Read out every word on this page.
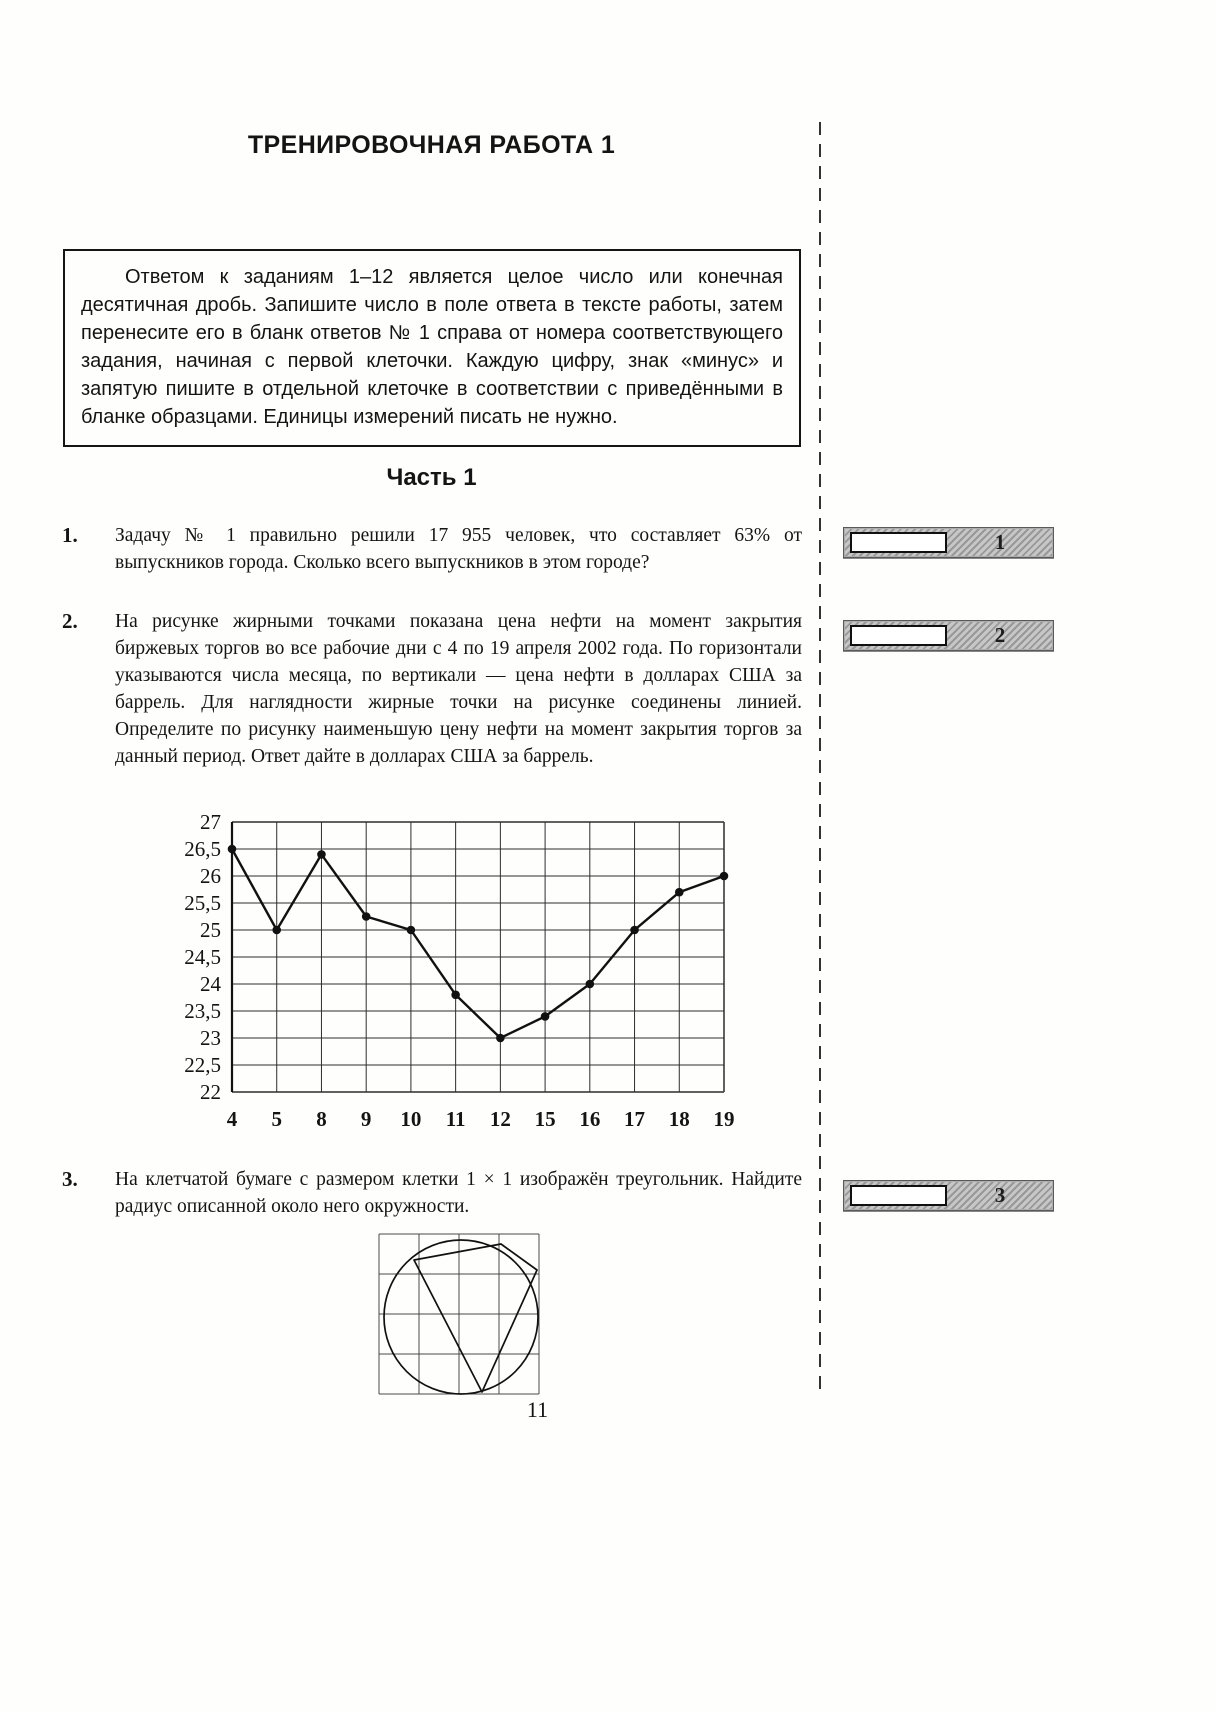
ТРЕНИРОВОЧНАЯ РАБОТА 1

Ответом к заданиям 1–12 является целое число или конечная десятичная дробь. Запишите число в поле ответа в тексте работы, затем перенесите его в бланк ответов № 1 справа от номера соответствующего задания, начиная с первой клеточки. Каждую цифру, знак «минус» и запятую пишите в отдельной клеточке в соответствии с приведёнными в бланке образцами. Единицы измерений писать не нужно.

Часть 1
1.	Задачу № 1 правильно решили 17 955 человек, что составляет 63% от выпускников города. Сколько всего выпускников в этом городе?
2.	На рисунке жирными точками показана цена нефти на момент закрытия биржевых торгов во все рабочие дни с 4 по 19 апреля 2002 года. По горизонтали указываются числа месяца, по вертикали — цена нефти в долларах США за баррель. Для наглядности жирные точки на рисунке соединены линией. Определите по рисунку наименьшую цену нефти на момент закрытия торгов за данный период. Ответ дайте в долларах США за баррель.
27
26,5
26
25,5
25
24,5
24
23,5
23
22,5
22
4 5 8 9 10 11 12 15 16 17 18 19
3.	На клетчатой бумаге с размером клетки 1 × 1 изображён треугольник. Найдите радиус описанной около него окружности.
11
1
2
3
